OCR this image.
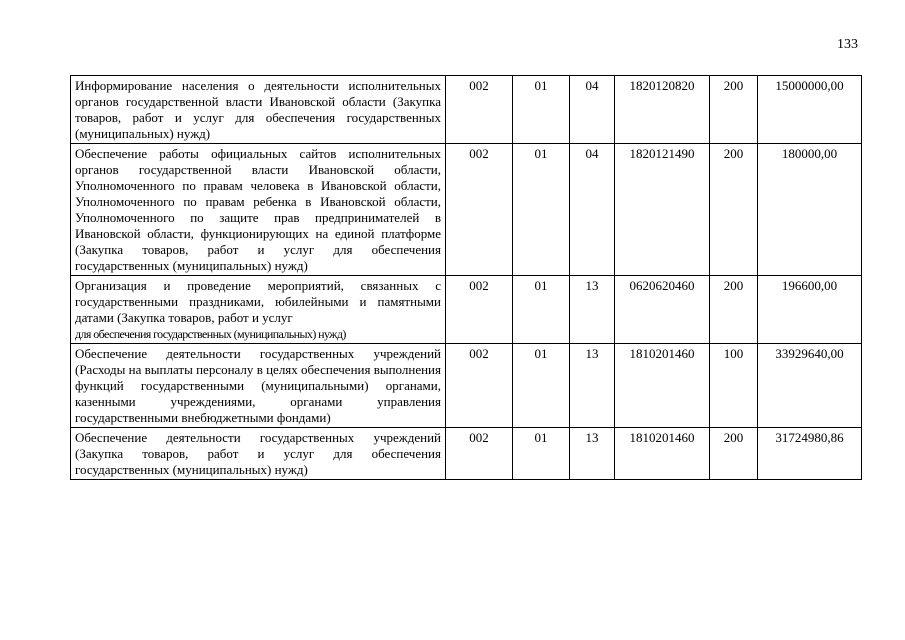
133
Информирование населения о деятельности исполнительных органов государственной власти Ивановской области (Закупка товаров, работ и услуг для обеспечения государственных (муниципальных) нужд)	002	01	04	1820120820	200	15000000,00
Обеспечение работы официальных сайтов исполнительных органов государственной власти Ивановской области, Уполномоченного по правам человека в Ивановской области, Уполномоченного по правам ребенка в Ивановской области, Уполномоченного по защите прав предпринимателей в Ивановской области, функционирующих на единой платформе (Закупка товаров, работ и услуг для обеспечения государственных (муниципальных) нужд)	002	01	04	1820121490	200	180000,00
Организация и проведение мероприятий, связанных с государственными праздниками, юбилейными и памятными датами (Закупка товаров, работ и услуг
для обеспечения государственных (муниципальных) нужд)	002	01	13	0620620460	200	196600,00
Обеспечение деятельности государственных учреждений (Расходы на выплаты персоналу в целях обеспечения выполнения функций государственными (муниципальными) органами, казенными учреждениями, органами управления государственными внебюджетными фондами)	002	01	13	1810201460	100	33929640,00
Обеспечение деятельности государственных учреждений (Закупка товаров, работ и услуг для обеспечения государственных (муниципальных) нужд)	002	01	13	1810201460	200	31724980,86
